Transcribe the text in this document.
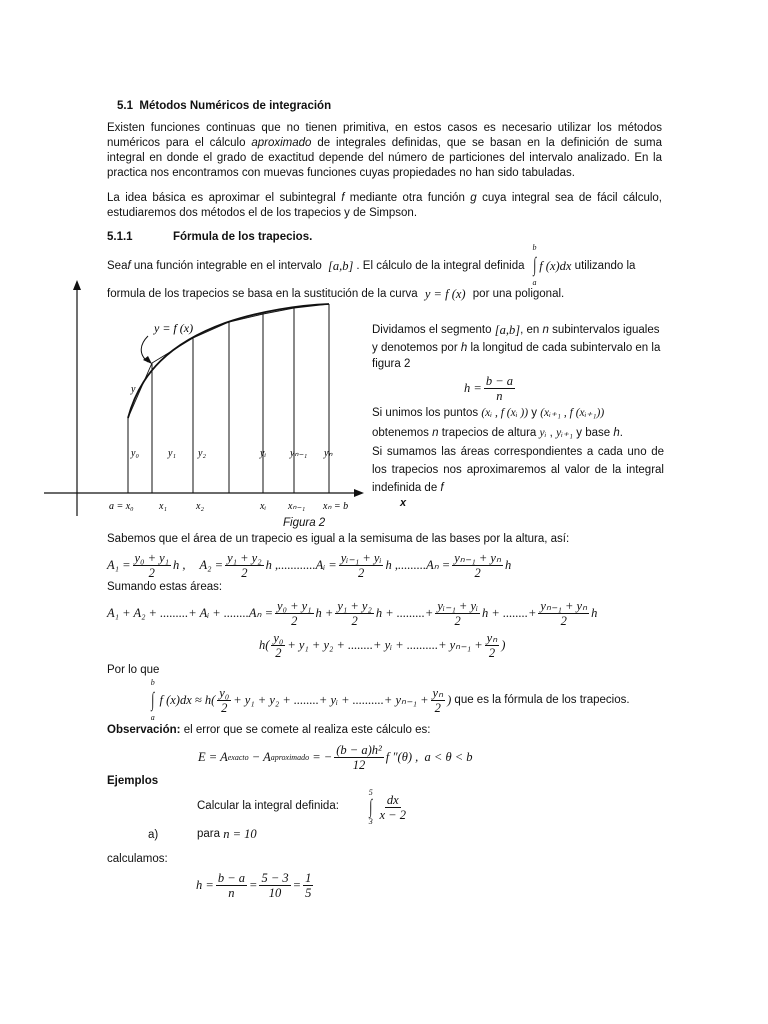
5.1 Métodos Numéricos de integración
Existen funciones continuas que no tienen primitiva, en estos casos es necesario utilizar los métodos numéricos para el cálculo aproximado de integrales definidas, que se basan en la definición de suma integral en donde el grado de exactitud depende del número de particiones del intervalo analizado. En la practica nos encontramos con muevas funciones cuyas propiedades no han sido tabuladas.
La idea básica es aproximar el subintegral f mediante otra función g cuya integral sea de fácil cálculo, estudiaremos dos métodos el de los trapecios y de Simpson.
5.1.1	Fórmula de los trapecios.
Sea f una función integrable en el intervalo [a,b] . El cálculo de la integral definida
b
∫
a
f (x)dx utilizando la
formula de los trapecios se basa en la sustitución de la curva y = f (x) por una poligonal.
y = f (x)
y
y₀	y₁ y₂	yᵢ yₙ₋₁ yₙ
a = x₀	x₁	x₂	xᵢ xₙ₋₁ xₙ = b	x
Figura 2
Dividamos el segmento [a,b] , en n subintervalos iguales
y denotemos por h la longitud de cada subintervalo en la
figura 2
$h = \frac{b - a}{n}$
Si unimos los puntos (xᵢ , f (xᵢ )) y (xᵢ₊₁ , f (xᵢ₊₁))
obtenemos n trapecios de altura yᵢ , yᵢ₊₁ y base h .
Si sumamos las áreas correspondientes a cada uno de los trapecios nos aproximaremos al valor de la integral indefinida de f
Sabemos que el área de un trapecio es igual a la semisuma de las bases por la altura, así:
$A_1 = \frac{\text{y₀ + y₁}}{2}$ h , $A_2 = \frac{\text{y₁ + y₂}}{2}$ h ,............ Aᵢ = $\frac{\text{yᵢ₋₁ + yᵢ}}{2}$ h ,......... $A_n = \frac{\text{yₙ₋₁ + yₙ}}{2}$ h
Sumando estas áreas:
A₁ + A₂ + .........+ Aᵢ + $........A_n = \frac{\text{y₀ + y₁}}{2}$ $h + \frac{\text{y₁ + y₂}}{2}$ h + .........+ $\frac{\text{yᵢ₋₁ + yᵢ}}{2}$ h + ........+ $\frac{\text{yₙ₋₁ + yₙ}}{2}$ h
$h( \frac{\text{y₀}}{2} + y_1 + y_2$ + ........+ yᵢ + ..........+ $y_{n-1} + \frac{\text{yₙ}}{2}$ )
Por lo que
b
∫
a
f $(x)dx \approx h( \frac{\text{y₀}}{2} + y_1 + y_2$ + ........+ yᵢ + ..........+ $y_{n-1} + \frac{\text{yₙ}}{2}$ ) que es la fórmula de los trapecios.
Observación: el error que se comete al realiza este cálculo es:
E = A exacto − A aproximado = − $\frac{\text{(b − a)h²}}{12}$ f ″(θ) ,  a < θ < b
Ejemplos
Calcular la integral definida:
5
∫
$3 \frac{dx}{x - 2}$
a)	para n = 10
calculamos:
$h = \frac{b - a}{n} = \frac{5 - 3}{10} = \frac{1}{5}$
